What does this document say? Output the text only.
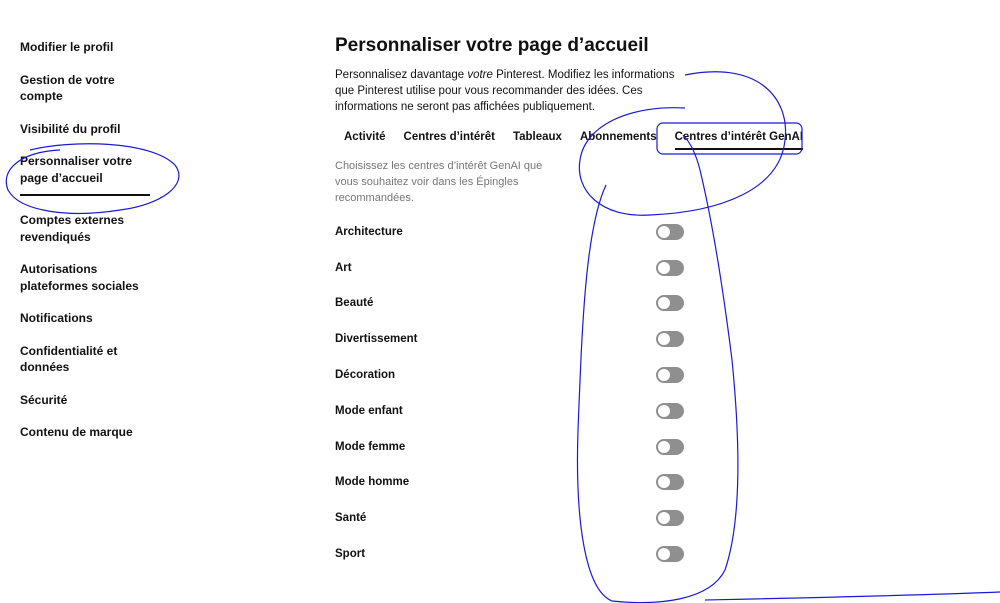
Modifier le profil
Gestion de votre compte
Visibilité du profil
Personnaliser votre page d’accueil
Comptes externes revendiqués
Autorisations plateformes sociales
Notifications
Confidentialité et données
Sécurité
Contenu de marque
Personnaliser votre page d’accueil
Personnalisez davantage votre Pinterest. Modifiez les informations que Pinterest utilise pour vous recommander des idées. Ces informations ne seront pas affichées publiquement.
Activité	Centres d’intérêt	Tableaux	Abonnements	Centres d’intérêt GenAI
Choisissez les centres d’intérêt GenAI que vous souhaitez voir dans les Épingles recommandées.
Architecture
Art
Beauté
Divertissement
Décoration
Mode enfant
Mode femme
Mode homme
Santé
Sport
